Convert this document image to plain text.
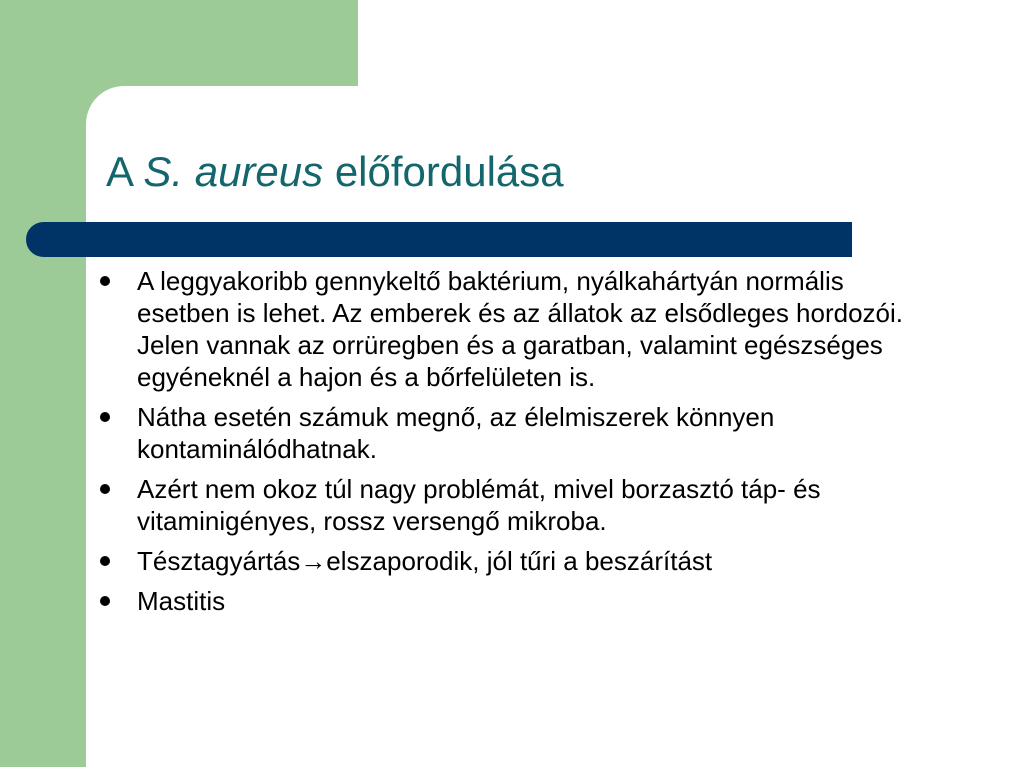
A S. aureus előfordulása
A leggyakoribb gennykeltő baktérium, nyálkahártyán normális esetben is lehet. Az emberek és az állatok az elsődleges hordozói. Jelen vannak az orrüregben és a garatban, valamint egészséges egyéneknél a hajon és a bőrfelületen is.
Nátha esetén számuk megnő, az élelmiszerek könnyen kontaminálódhatnak.
Azért nem okoz túl nagy problémát, mivel borzasztó táp- és vitaminigényes, rossz versengő mikroba.
Tésztagyártás→elszaporodik, jól tűri a beszárítást
Mastitis
